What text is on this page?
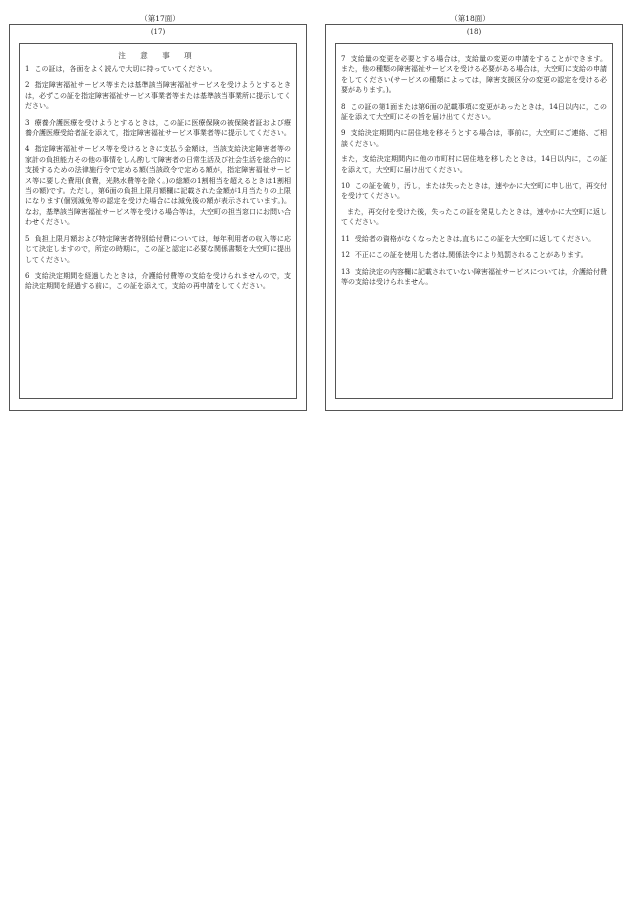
（第17面）
(17)
注 意 事 項
1 この証は，各面をよく読んで大切に持っていてください。
2 指定障害福祉サービス等または基準該当障害福祉サービスを受けようとするときは，必ずこの証を指定障害福祉サービス事業者等または基準該当事業所に提示してください。
3 療養介護医療を受けようとするときは，この証に医療保険の被保険者証および療養介護医療受給者証を添えて，指定障害福祉サービス事業者等に提示してください。
4 指定障害福祉サービス等を受けるときに支払う金額は，当該支給決定障害者等の家計の負担能力その他の事情をしん酌して障害者の日常生活及び社会生活を総合的に支援するための法律施行令で定める額(当該政令で定める額が，指定障害福祉サービス等に要した費用(食費，光熱水費等を除く。)の総額の1割相当を超えるときは1割相当の額)です。ただし，第6面の負担上限月額欄に記載された金額が1月当たりの上限になります(個別減免等の認定を受けた場合には減免後の額が表示されています。)。なお，基準該当障害福祉サービス等を受ける場合等は，大空町の担当窓口にお問い合わせください。
5 負担上限月額および特定障害者特別給付費については，毎年利用者の収入等に応じて決定しますので，所定の時期に，この証と認定に必要な関係書類を大空町に提出してください。
6 支給決定期間を経過したときは，介護給付費等の支給を受けられませんので，支給決定期間を経過する前に，この証を添えて，支給の再申請をしてください。
（第18面）
(18)
7 支給量の変更を必要とする場合は，支給量の変更の申請をすることができます。また，他の種類の障害福祉サービスを受ける必要がある場合は，大空町に支給の申請をしてください(サービスの種類によっては，障害支援区分の変更の認定を受ける必要があります。)。
8 この証の第1面または第6面の記載事項に変更があったときは，14日以内に，この証を添えて大空町にその旨を届け出てください。
9 支給決定期間内に居住地を移そうとする場合は，事前に，大空町にご連絡、ご相談ください。
また，支給決定期間内に他の市町村に居住地を移したときは，14日以内に，この証を添えて，大空町に届け出てください。
10 この証を破り，汚し，または失ったときは，速やかに大空町に申し出て，再交付を受けてください。
また，再交付を受けた後，失ったこの証を発見したときは，速やかに大空町に返してください。
11 受給者の資格がなくなったときは,直ちにこの証を大空町に返してください。
12 不正にこの証を使用した者は,関係法令により処罰されることがあります。
13 支給決定の内容欄に記載されていない障害福祉サービスについては，介護給付費等の支給は受けられません。
